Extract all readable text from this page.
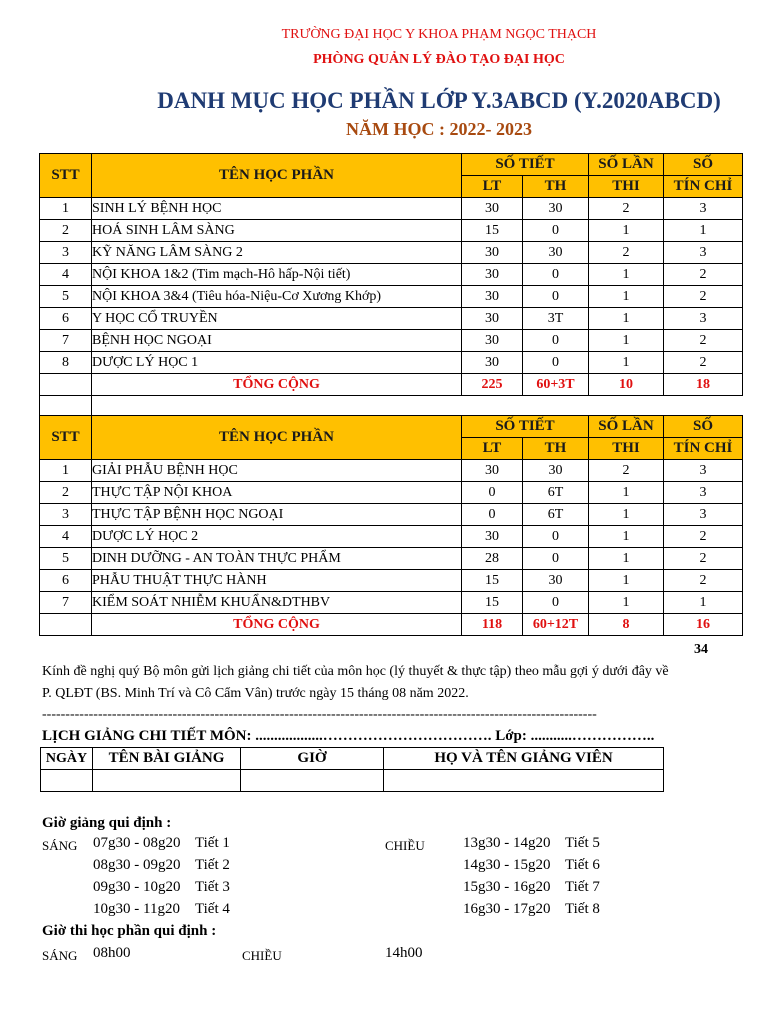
TRƯỜNG ĐẠI HỌC Y KHOA PHẠM NGỌC THẠCH
PHÒNG QUẢN LÝ ĐÀO TẠO ĐẠI HỌC
DANH MỤC HỌC PHẦN LỚP Y.3ABCD (Y.2020ABCD)
NĂM HỌC : 2022- 2023
STT	TÊN HỌC PHẦN	SỐ TIẾT		SỐ LẦN	SỐ
		LT	TH	THI	TÍN CHỈ
1	SINH LÝ BỆNH HỌC	30	30	2	3
2	HOÁ SINH LÂM SÀNG	15	0	1	1
3	KỸ NĂNG LÂM SÀNG 2	30	30	2	3
4	NỘI KHOA 1&2 (Tim mạch-Hô hấp-Nội tiết)	30	0	1	2
5	NỘI KHOA 3&4 (Tiêu hóa-Niệu-Cơ Xương Khớp)	30	0	1	2
6	Y HỌC CỔ TRUYỀN	30	3T	1	3
7	BỆNH HỌC NGOẠI	30	0	1	2
8	DƯỢC LÝ HỌC 1	30	0	1	2
	TỔNG CỘNG	225	60+3T	10	18
STT	TÊN HỌC PHẦN	SỐ TIẾT		SỐ LẦN	SỐ
		LT	TH	THI	TÍN CHỈ
1	GIẢI PHẪU BỆNH HỌC	30	30	2	3
2	THỰC TẬP NỘI KHOA	0	6T	1	3
3	THỰC TẬP BỆNH HỌC NGOẠI	0	6T	1	3
4	DƯỢC LÝ HỌC 2	30	0	1	2
5	DINH DƯỠNG - AN TOÀN THỰC PHẨM	28	0	1	2
6	PHẪU THUẬT THỰC HÀNH	15	30	1	2
7	KIỂM SOÁT NHIỄM KHUẨN&DTHBV	15	0	1	1
	TỔNG CỘNG	118	60+12T	8	16
34
Kính đề nghị quý Bộ môn gửi lịch giảng chi tiết của môn học (lý thuyết & thực tập) theo mẫu gợi ý dưới đây về
P. QLĐT (BS. Minh Trí và Cô Cẩm Vân) trước ngày 15 tháng 08 năm 2022.
-----------------------------------------------------------------------------------------------------------------------
LỊCH GIẢNG CHI TIẾT MÔN: ..................……………………………. Lớp: ...........……………..
NGÀY	TÊN BÀI GIẢNG	GIỜ	HỌ VÀ TÊN GIẢNG VIÊN

Giờ giảng qui định :
SÁNG	CHIỀU
07g30 - 08g20 Tiết 1
08g30 - 09g20 Tiết 2
09g30 - 10g20 Tiết 3
10g30 - 11g20 Tiết 4
13g30 - 14g20 Tiết 5
14g30 - 15g20 Tiết 6
15g30 - 16g20 Tiết 7
16g30 - 17g20 Tiết 8
Giờ thi học phần qui định :
SÁNG 08h00	CHIỀU	14h00
